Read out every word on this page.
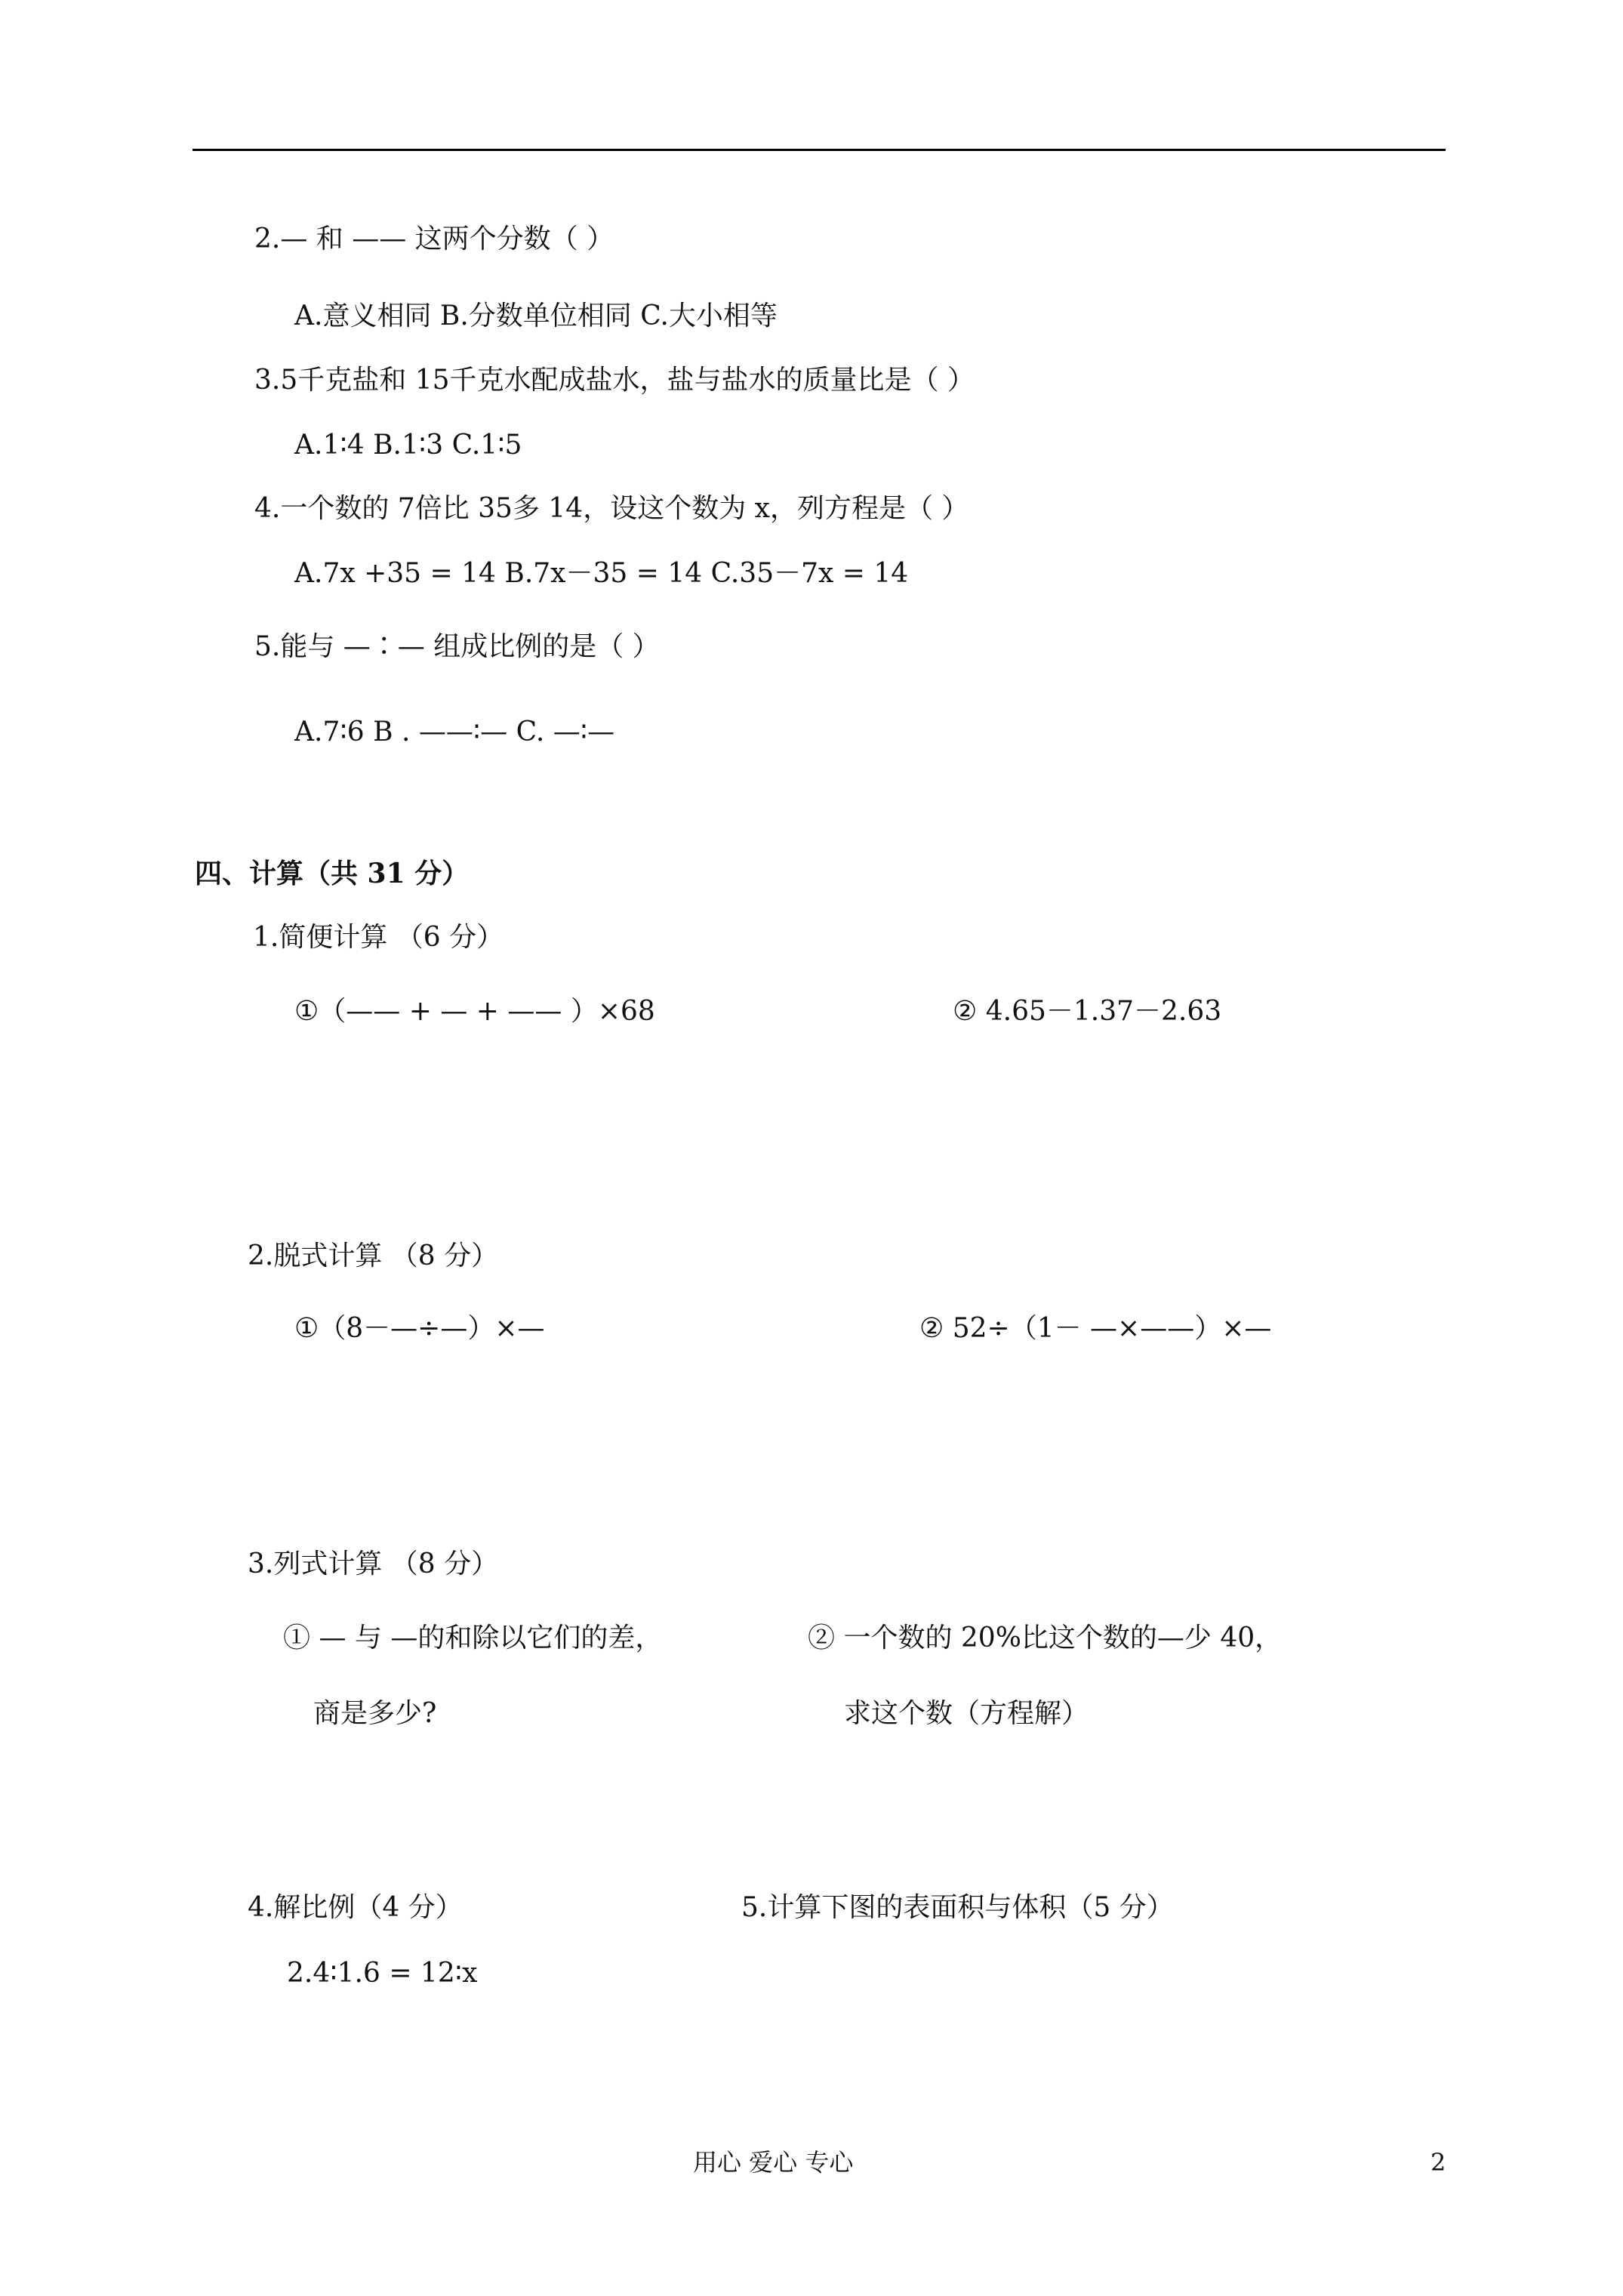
2.— 和 —— 这两个分数（ ）

A.意义相同 B.分数单位相同 C.大小相等

3.5千克盐和 15千克水配成盐水，盐与盐水的质量比是（ ）

A.1∶4 B.1∶3 C.1∶5

4.一个数的 7倍比 35多 14，设这个数为 x，列方程是（ ）

A.7x +35 = 14 B.7x－35 = 14 C.35－7x = 14

5.能与 —∶— 组成比例的是（ ）

A.7∶6 B . ——∶— C. —∶—

四、计算（共 31 分）

1.简便计算 （6 分）

①（—— + — + —— ）×68	② 4.65－1.37－2.63

2.脱式计算 （8 分）

①（8－—÷—）×—	② 52÷（1－ —×——）×—

3.列式计算 （8 分）

① — 与 —的和除以它们的差，

商是多少?

② 一个数的 20%比这个数的—少 40，

求这个数（方程解）

4.解比例（4 分）	5.计算下图的表面积与体积（5 分）

2.4∶1.6 = 12∶x

用心 爱心 专心	2
